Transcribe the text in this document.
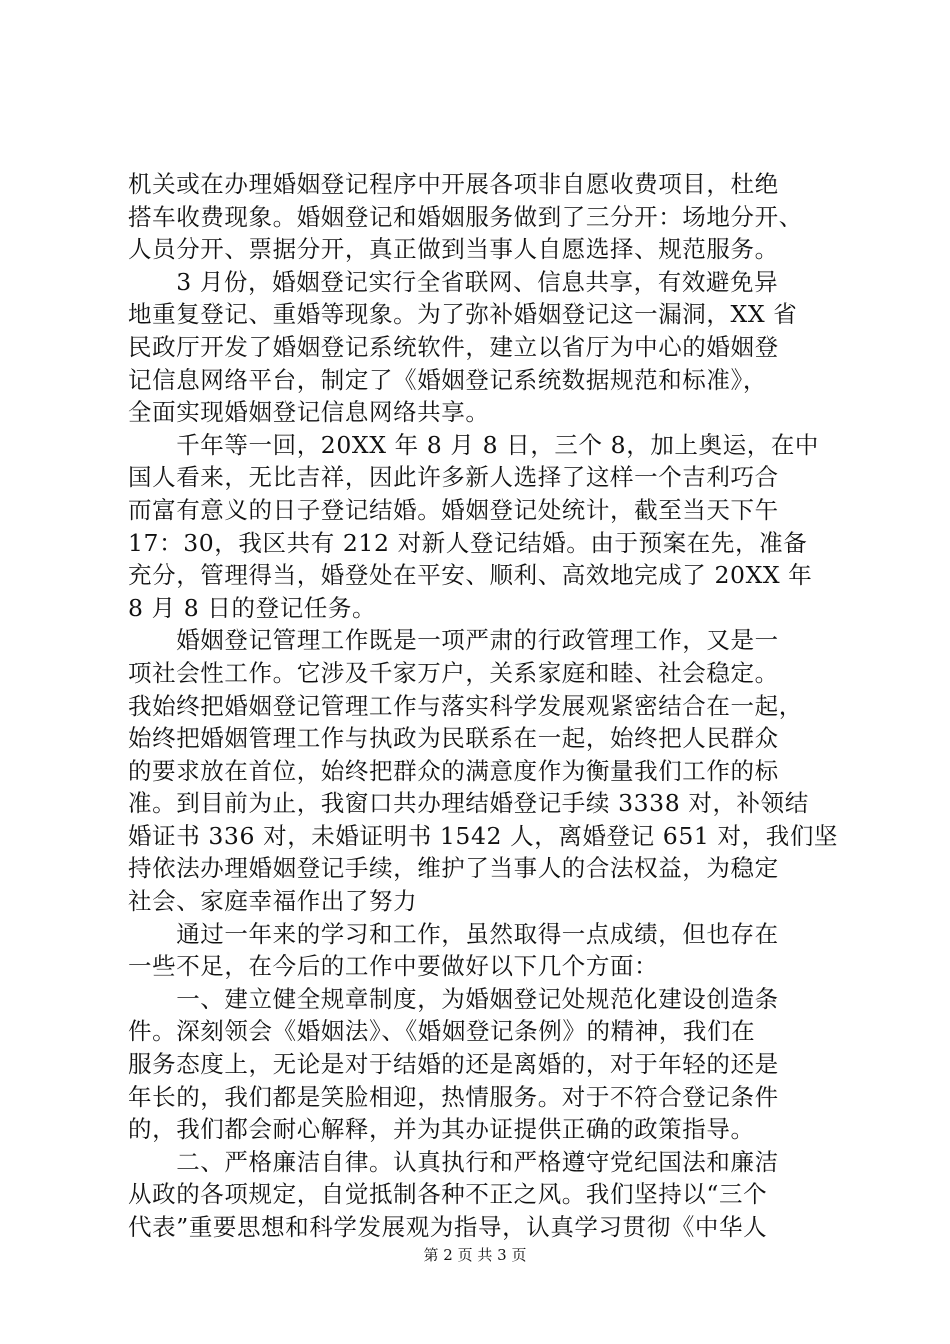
机关或在办理婚姻登记程序中开展各项非自愿收费项目，杜绝
搭车收费现象。婚姻登记和婚姻服务做到了三分开：场地分开、
人员分开、票据分开，真正做到当事人自愿选择、规范服务。
　　3 月份，婚姻登记实行全省联网、信息共享，有效避免异
地重复登记、重婚等现象。为了弥补婚姻登记这一漏洞，XX 省
民政厅开发了婚姻登记系统软件，建立以省厅为中心的婚姻登
记信息网络平台，制定了《婚姻登记系统数据规范和标准》，
全面实现婚姻登记信息网络共享。
　　千年等一回，20XX 年 8 月 8 日，三个 8，加上奥运，在中
国人看来，无比吉祥，因此许多新人选择了这样一个吉利巧合
而富有意义的日子登记结婚。婚姻登记处统计，截至当天下午
17：30，我区共有 212 对新人登记结婚。由于预案在先，准备
充分，管理得当，婚登处在平安、顺利、高效地完成了 20XX 年
8 月 8 日的登记任务。
　　婚姻登记管理工作既是一项严肃的行政管理工作，又是一
项社会性工作。它涉及千家万户，关系家庭和睦、社会稳定。
我始终把婚姻登记管理工作与落实科学发展观紧密结合在一起，
始终把婚姻管理工作与执政为民联系在一起，始终把人民群众
的要求放在首位，始终把群众的满意度作为衡量我们工作的标
准。到目前为止，我窗口共办理结婚登记手续 3338 对，补领结
婚证书 336 对，未婚证明书 1542 人，离婚登记 651 对，我们坚
持依法办理婚姻登记手续，维护了当事人的合法权益，为稳定
社会、家庭幸福作出了努力
　　通过一年来的学习和工作，虽然取得一点成绩，但也存在
一些不足，在今后的工作中要做好以下几个方面：
　　一、建立健全规章制度，为婚姻登记处规范化建设创造条
件。深刻领会《婚姻法》、《婚姻登记条例》的精神，我们在
服务态度上，无论是对于结婚的还是离婚的，对于年轻的还是
年长的，我们都是笑脸相迎，热情服务。对于不符合登记条件
的，我们都会耐心解释，并为其办证提供正确的政策指导。
　　二、严格廉洁自律。认真执行和严格遵守党纪国法和廉洁
从政的各项规定，自觉抵制各种不正之风。我们坚持以“三个
代表”重要思想和科学发展观为指导，认真学习贯彻《中华人
第 2 页 共 3 页
